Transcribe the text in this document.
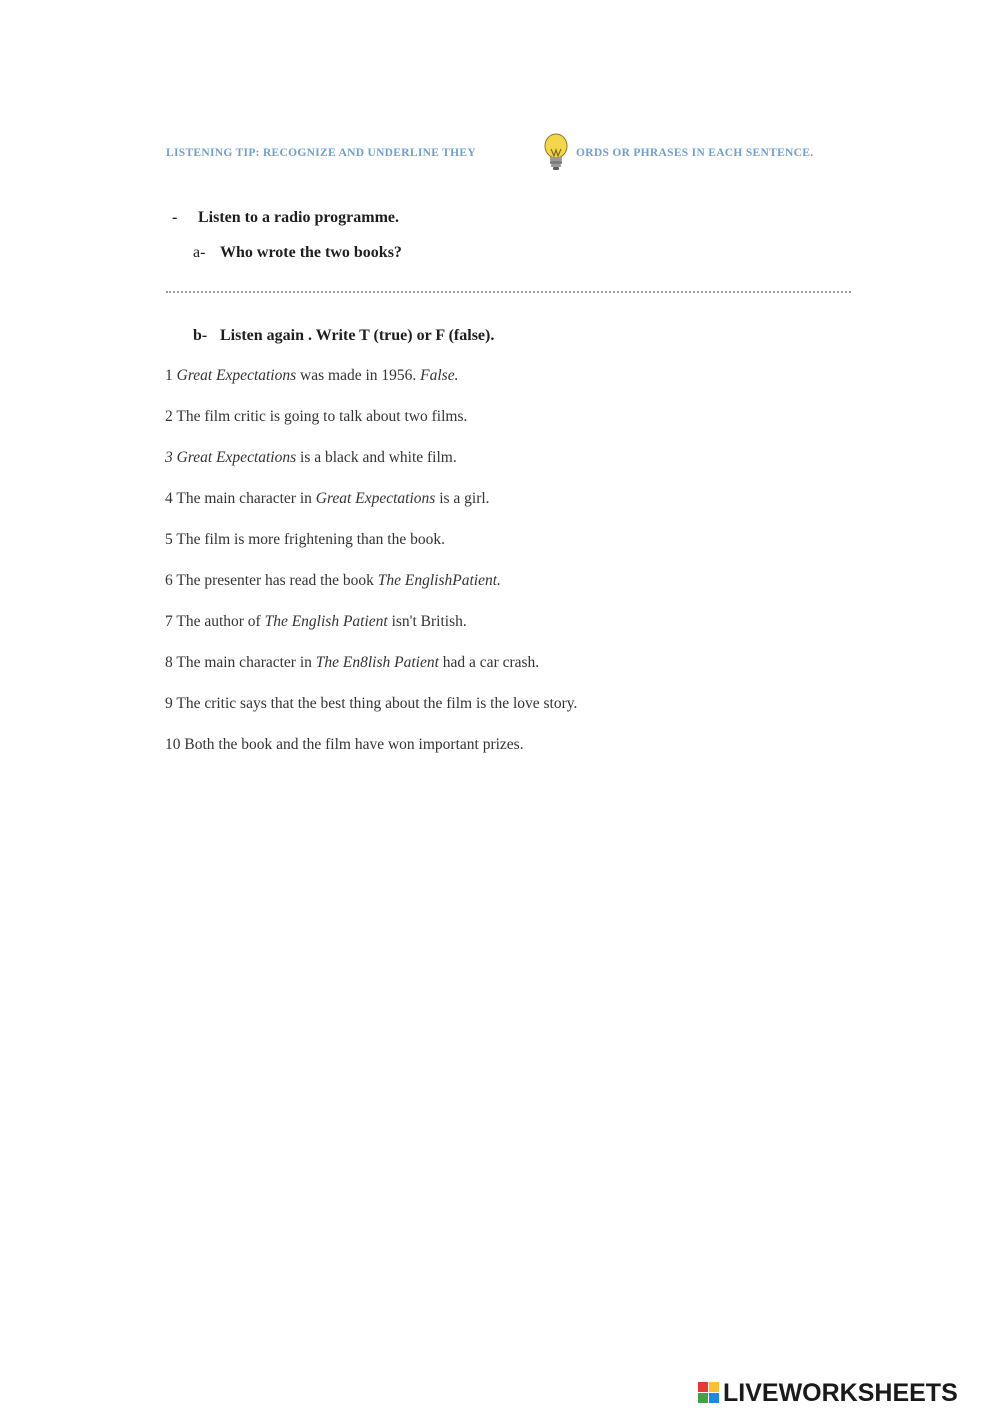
LISTENING TIP: RECOGNIZE AND UNDERLINE THEY	ORDS OR PHRASES IN EACH SENTENCE.
- Listen to a radio programme.
a- Who wrote the two books?
b- Listen again . Write T (true) or F (false).
1 Great Expectations was made in 1956. False.
2 The film critic is going to talk about two films.
3 Great Expectations is a black and white film.
4 The main character in Great Expectations is a girl.
5 The film is more frightening than the book.
6 The presenter has read the book The EnglishPatient.
7 The author of The English Patient isn't British.
8 The main character in The En8lish Patient had a car crash.
9 The critic says that the best thing about the film is the love story.
10 Both the book and the film have won important prizes.
LIVEWORKSHEETS
